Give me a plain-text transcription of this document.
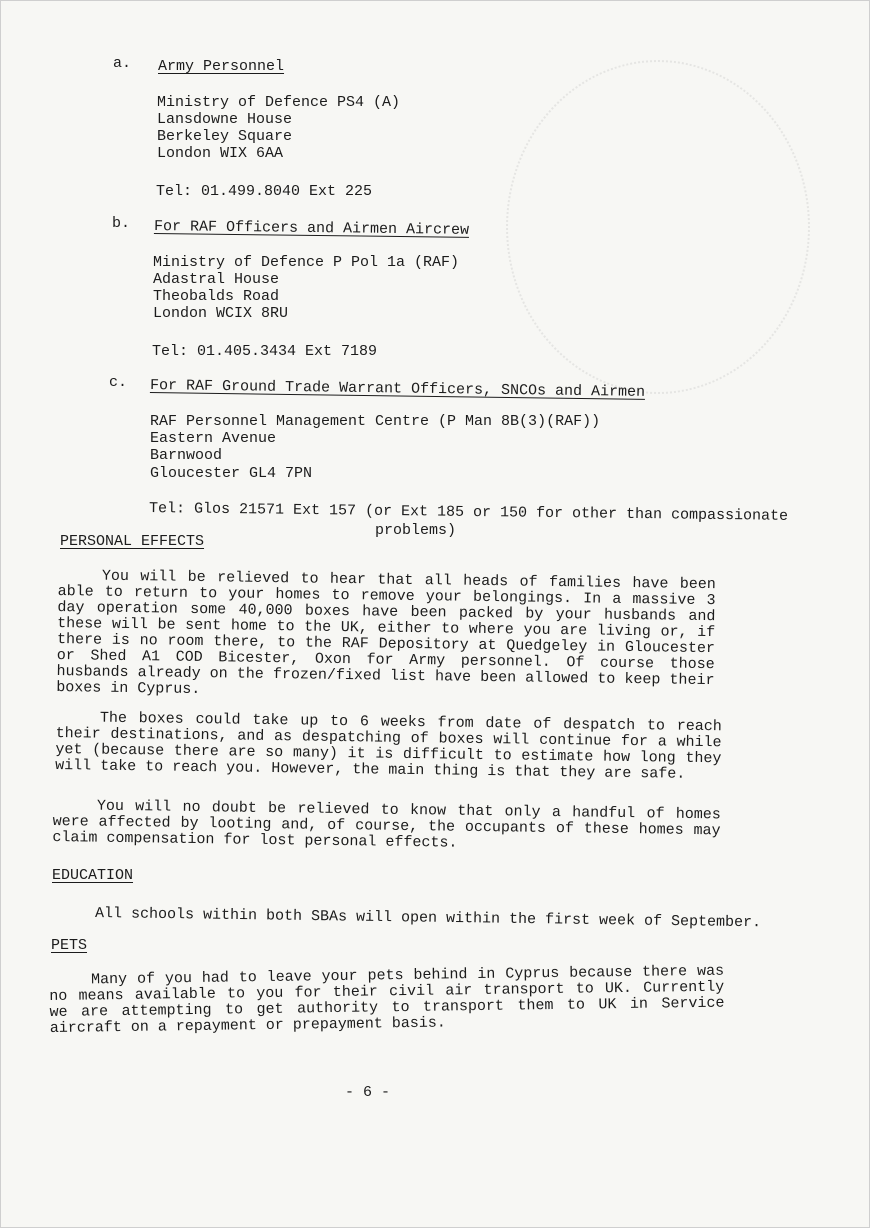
a. Army Personnel
Ministry of Defence PS4 (A)
Lansdowne House
Berkeley Square
London WIX 6AA
Tel: 01.499.8040 Ext 225
b. For RAF Officers and Airmen Aircrew
Ministry of Defence P Pol 1a (RAF)
Adastral House
Theobalds Road
London WCIX 8RU
Tel: 01.405.3434 Ext 7189
c. For RAF Ground Trade Warrant Officers, SNCOs and Airmen
RAF Personnel Management Centre (P Man 8B(3)(RAF))
Eastern Avenue
Barnwood
Gloucester GL4 7PN
Tel: Glos 21571 Ext 157 (or Ext 185 or 150 for other than compassionate
problems)
PERSONAL EFFECTS
You will be relieved to hear that all heads of families have been able to return to your homes to remove your belongings. In a massive 3 day operation some 40,000 boxes have been packed by your husbands and these will be sent home to the UK, either to where you are living or, if there is no room there, to the RAF Depository at Quedgeley in Gloucester or Shed A1 COD Bicester, Oxon for Army personnel. Of course those husbands already on the frozen/fixed list have been allowed to keep their boxes in Cyprus.
The boxes could take up to 6 weeks from date of despatch to reach their destinations, and as despatching of boxes will continue for a while yet (because there are so many) it is difficult to estimate how long they will take to reach you. However, the main thing is that they are safe.
You will no doubt be relieved to know that only a handful of homes were affected by looting and, of course, the occupants of these homes may claim compensation for lost personal effects.
EDUCATION
All schools within both SBAs will open within the first week of September.
PETS
Many of you had to leave your pets behind in Cyprus because there was no means available to you for their civil air transport to UK. Currently we are attempting to get authority to transport them to UK in Service aircraft on a repayment or prepayment basis.
- 6 -
